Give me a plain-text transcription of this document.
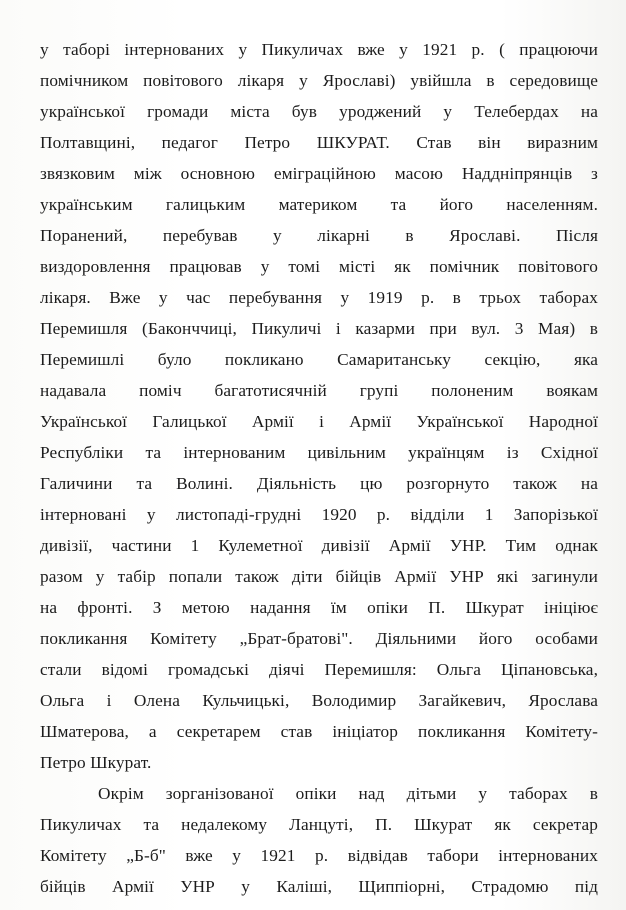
у таборі інтернованих у Пикуличах вже у 1921 р. ( працюючи
помічником повітового лікаря у Ярославі) увійшла в середовище
української громади міста був уроджений у Телебердах на
Полтавщині, педагог Петро ШКУРАТ. Став він виразним
звязковим між основною еміграційною масою Наддніпрянців з
українським галицьким материком та його населенням.
Поранений, перебував у лікарні в Ярославі. Після
виздоровлення працював у томі місті як помічник повітового
лікаря. Вже у час перебування у 1919 р. в трьох таборах
Перемишля (Баконччиці, Пикуличі і казарми при вул. 3 Мая) в
Перемишлі було покликано Самаританську секцію, яка
надавала поміч багатотисячній групі полоненим воякам
Української Галицької Армії і Армії Української Народної
Республіки та інтернованим цивільним українцям із Східної
Галичини та Волині. Діяльність цю розгорнуто також на
інтерновані у листопаді-грудні 1920 р. відділи 1 Запорізької
дивізії, частини 1 Кулеметної дивізії Армії УНР. Тим однак
разом у табір попали також діти бійців Армії УНР які загинули
на фронті. З метою надання їм опіки П. Шкурат ініціює
покликання Комітету „Брат-братові". Діяльними його особами
стали відомі громадські діячі Перемишля: Ольга Ціпановська,
Ольга і Олена Кульчицькі, Володимир Загайкевич, Ярослава
Шматерова, а секретарем став ініціатор покликання Комітету-
Петро Шкурат.
Окрім зорганізованої опіки над дітьми у таборах в
Пикуличах та недалекому Ланцуті, П. Шкурат як секретар
Комітету „Б-б" вже у 1921 р. відвідав табори інтернованих
бійців Армії УНР у Каліші, Щиппіорні, Страдомю під
